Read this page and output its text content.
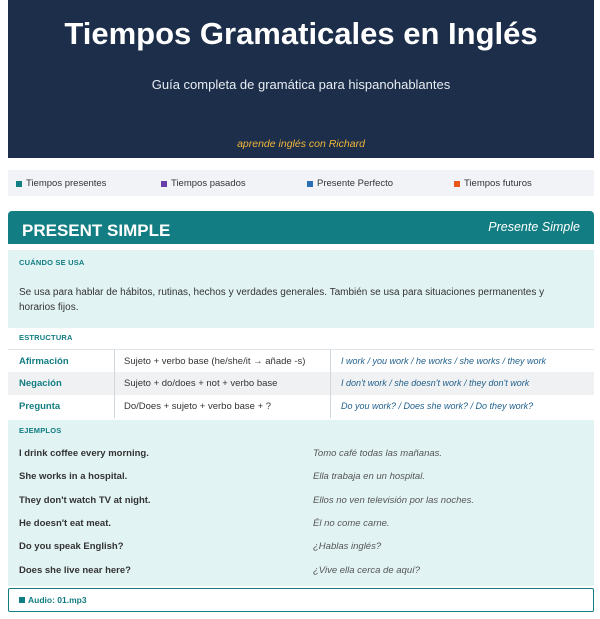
Tiempos Gramaticales en Inglés
Guía completa de gramática para hispanohablantes
aprende inglés con Richard
Tiempos presentes	Tiempos pasados	Presente Perfecto	Tiempos futuros
PRESENT SIMPLE	Presente Simple
CUÁNDO SE USA
Se usa para hablar de hábitos, rutinas, hechos y verdades generales. También se usa para situaciones permanentes y horarios fijos.
ESTRUCTURA
Afirmación	Sujeto + verbo base (he/she/it → añade -s)	I work / you work / he works / she works / they work
Negación	Sujeto + do/does + not + verbo base	I don't work / she doesn't work / they don't work
Pregunta	Do/Does + sujeto + verbo base + ?	Do you work? / Does she work? / Do they work?
EJEMPLOS
I drink coffee every morning.	Tomo café todas las mañanas.
She works in a hospital.	Ella trabaja en un hospital.
They don't watch TV at night.	Ellos no ven televisión por las noches.
He doesn't eat meat.	Él no come carne.
Do you speak English?	¿Hablas inglés?
Does she live near here?	¿Vive ella cerca de aquí?
Audio: 01.mp3
